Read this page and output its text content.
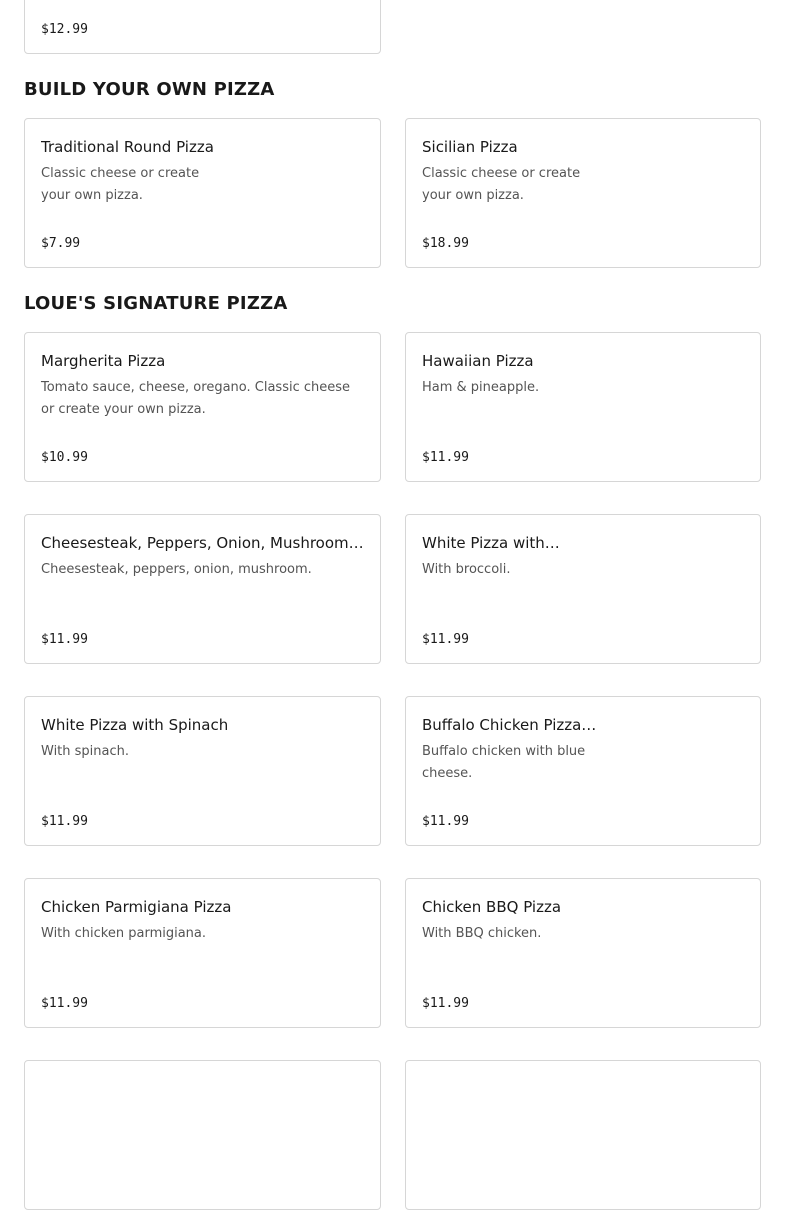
$12.99
BUILD YOUR OWN PIZZA
Traditional Round Pizza
Classic cheese or create your own pizza.
$7.99
Sicilian Pizza
Classic cheese or create your own pizza.
$18.99
LOUE'S SIGNATURE PIZZA
Margherita Pizza
Tomato sauce, cheese, oregano. Classic cheese or create your own pizza.
$10.99
Hawaiian Pizza
Ham & pineapple.
$11.99
Cheesesteak, Peppers, Onion, Mushroom…
Cheesesteak, peppers, onion, mushroom.
$11.99
White Pizza with…
With broccoli.
$11.99
White Pizza with Spinach
With spinach.
$11.99
Buffalo Chicken Pizza…
Buffalo chicken with blue cheese.
$11.99
Chicken Parmigiana Pizza
With chicken parmigiana.
$11.99
Chicken BBQ Pizza
With BBQ chicken.
$11.99
